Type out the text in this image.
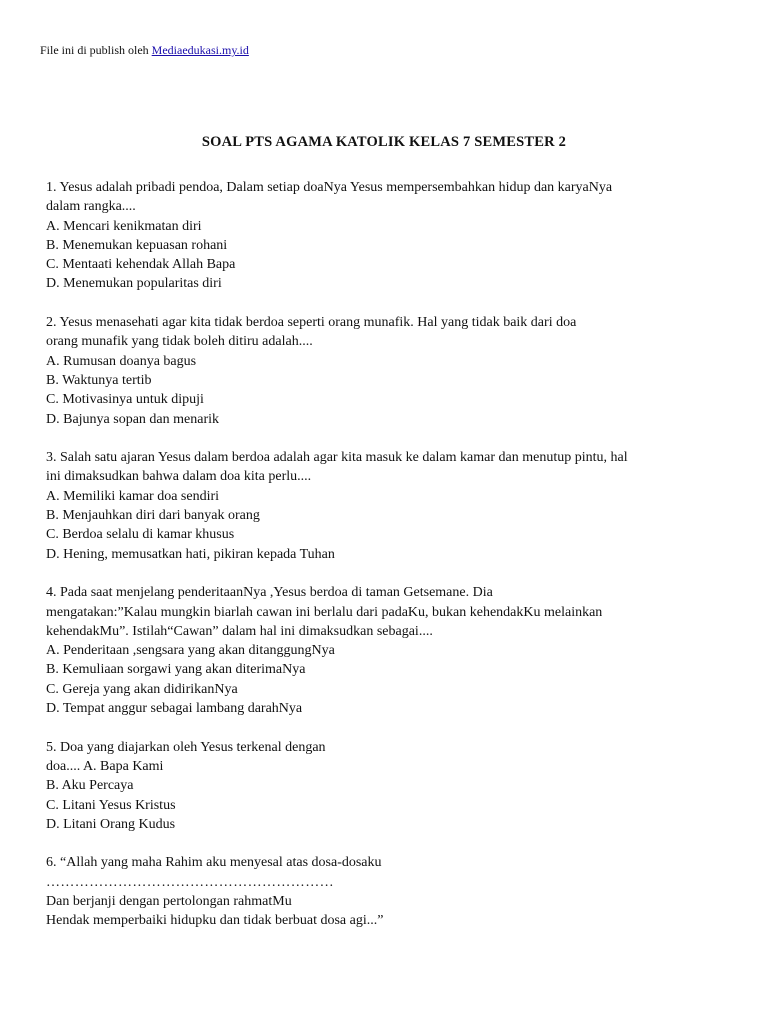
File ini di publish oleh Mediaedukasi.my.id
SOAL PTS AGAMA KATOLIK KELAS 7 SEMESTER 2
1. Yesus adalah pribadi pendoa, Dalam setiap doaNya Yesus mempersembahkan hidup dan karyaNya
dalam rangka....
A. Mencari kenikmatan diri
B. Menemukan kepuasan rohani
C. Mentaati kehendak Allah Bapa
D. Menemukan popularitas diri
2. Yesus menasehati agar kita tidak berdoa seperti orang munafik. Hal yang tidak baik dari doa
orang munafik yang tidak boleh ditiru adalah....
A. Rumusan doanya bagus
B. Waktunya tertib
C. Motivasinya untuk dipuji
D. Bajunya sopan dan menarik
3. Salah satu ajaran Yesus dalam berdoa adalah agar kita masuk ke dalam kamar dan menutup pintu, hal
ini dimaksudkan bahwa dalam doa kita perlu....
A. Memiliki kamar doa sendiri
B. Menjauhkan diri dari banyak orang
C. Berdoa selalu di kamar khusus
D. Hening, memusatkan hati, pikiran kepada Tuhan
4. Pada saat menjelang penderitaanNya ,Yesus berdoa di taman Getsemane. Dia
mengatakan:”Kalau mungkin biarlah cawan ini berlalu dari padaKu, bukan kehendakKu melainkan
kehendakMu”. Istilah“Cawan” dalam hal ini dimaksudkan sebagai....
A. Penderitaan ,sengsara yang akan ditanggungNya
B. Kemuliaan sorgawi yang akan diterimaNya
C. Gereja yang akan didirikanNya
D. Tempat anggur sebagai lambang darahNya
5. Doa yang diajarkan oleh Yesus terkenal dengan
doa.... A. Bapa Kami
B. Aku Percaya
C. Litani Yesus Kristus
D. Litani Orang Kudus
6. “Allah yang maha Rahim aku menyesal atas dosa-dosaku
……………………………………………………
Dan berjanji dengan pertolongan rahmatMu
Hendak memperbaiki hidupku dan tidak berbuat dosa agi...”
